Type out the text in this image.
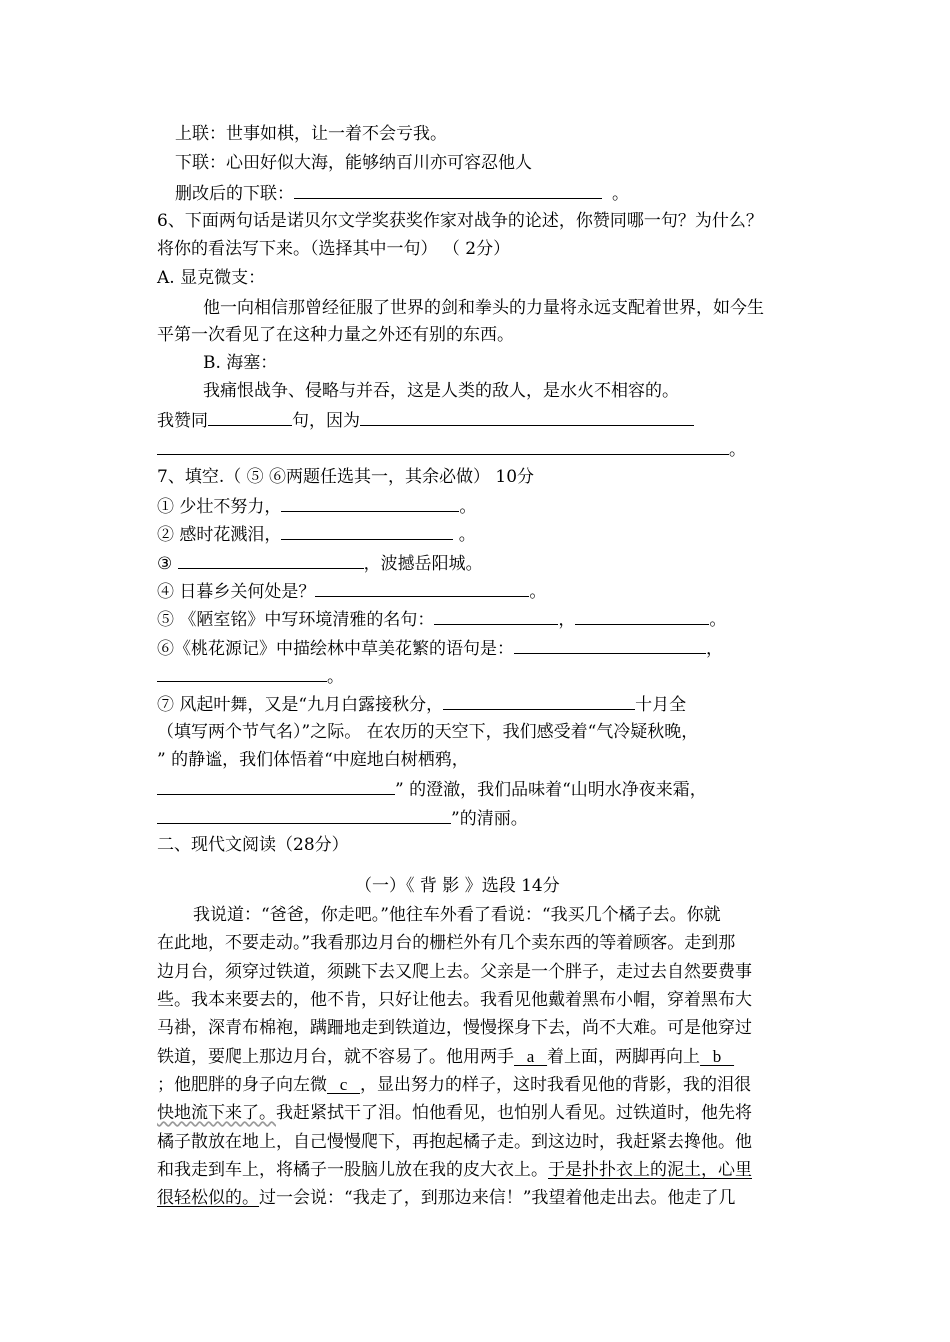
上联：世事如棋，让一着不会亏我。
下联：心田好似大海，能够纳百川亦可容忍他人
删改后的下联：	。
6、下面两句话是诺贝尔文学奖获奖作家对战争的论述，你赞同哪一句？为什么？
将你的看法写下来。（选择其中一句） （ 2分）
A. 显克微支：
他一向相信那曾经征服了世界的剑和拳头的力量将永远支配着世界，如今生
平第一次看见了在这种力量之外还有别的东西。
B. 海塞：
我痛恨战争、侵略与并吞，这是人类的敌人，是水火不相容的。
我赞同	句，因为
。
7、填空.（ ⑤ ⑥两题任选其一，其余必做） 10分
① 少壮不努力，	。
② 感时花溅泪，	。
③	，波撼岳阳城。
④ 日暮乡关何处是？	。
⑤ 《陋室铭》中写环境清雅的名句：	，	。
⑥《桃花源记》中描绘林中草美花繁的语句是：	，
。
⑦ 风起叶舞，又是“九月白露接秋分，	十月全
（填写两个节气名）”之际。 在农历的天空下，我们感受着“气冷疑秋晚，
” 的静谧，我们体悟着“中庭地白树栖鸦，
” 的澄澈，我们品味着“山明水净夜来霜，
”的清丽。
二、现代文阅读（28分）
（一）《 背 影 》选段 14分
我说道：“爸爸，你走吧。”他往车外看了看说：“我买几个橘子去。你就
在此地，不要走动。”我看那边月台的栅栏外有几个卖东西的等着顾客。走到那
边月台，须穿过铁道，须跳下去又爬上去。父亲是一个胖子，走过去自然要费事
些。我本来要去的，他不肯，只好让他去。我看见他戴着黑布小帽，穿着黑布大
马褂，深青布棉袍，蹒跚地走到铁道边，慢慢探身下去，尚不大难。可是他穿过
铁道，要爬上那边月台，就不容易了。他用两手   a   着上面，两脚再向上   b
；他肥胖的身子向左微   c   ，显出努力的样子，这时我看见他的背影，我的泪很
快地流下来了。我赶紧拭干了泪。怕他看见，也怕别人看见。过铁道时，他先将
橘子散放在地上，自己慢慢爬下，再抱起橘子走。到这边时，我赶紧去搀他。他
和我走到车上，将橘子一股脑儿放在我的皮大衣上。于是扑扑衣上的泥土，心里
很轻松似的。过一会说：“我走了，到那边来信！”我望着他走出去。他走了几
